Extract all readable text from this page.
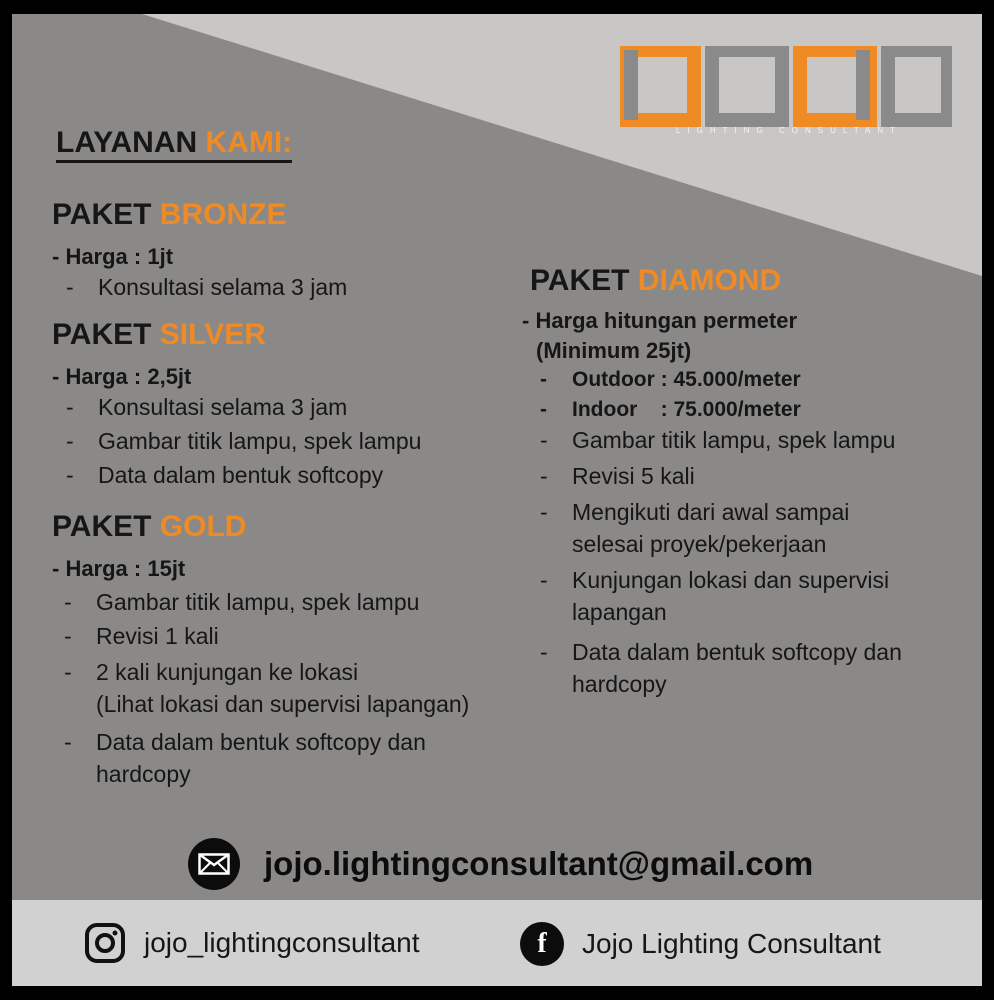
LIGHTING CONSULTANT
LAYANAN KAMI:
PAKET BRONZE
- Harga : 1jt
-	Konsultasi selama 3 jam
PAKET SILVER
- Harga : 2,5jt
-	Konsultasi selama 3 jam
-	Gambar titik lampu, spek lampu
-	Data dalam bentuk softcopy
PAKET GOLD
- Harga : 15jt
-	Gambar titik lampu, spek lampu
-	Revisi 1 kali
-	2 kali kunjungan ke lokasi
(Lihat lokasi dan supervisi lapangan)
-	Data dalam bentuk softcopy dan
hardcopy
PAKET DIAMOND
- Harga hitungan permeter
(Minimum 25jt)
-	Outdoor : 45.000/meter
-	Indoor    : 75.000/meter
-	Gambar titik lampu, spek lampu
-	Revisi 5 kali
-	Mengikuti dari awal sampai
selesai proyek/pekerjaan
-	Kunjungan lokasi dan supervisi
lapangan
-	Data dalam bentuk softcopy dan
hardcopy
jojo.lightingconsultant@gmail.com
jojo_lightingconsultant	f	Jojo Lighting Consultant
